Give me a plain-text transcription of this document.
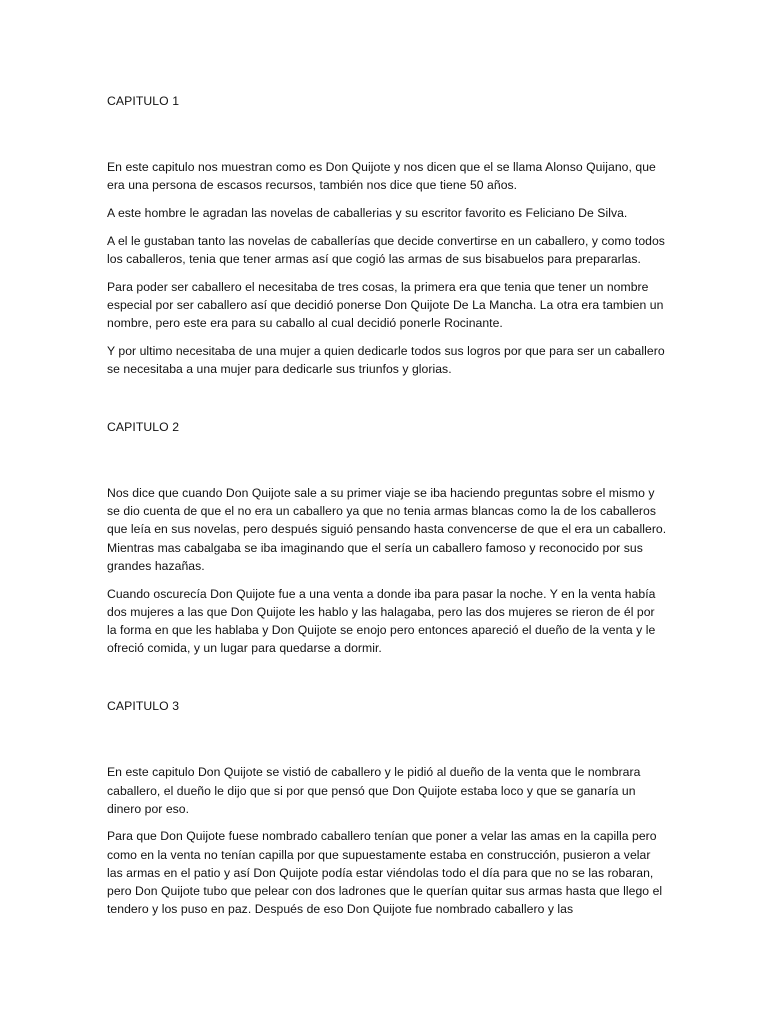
CAPITULO 1

En este capitulo nos muestran como es Don Quijote y nos dicen que el se llama Alonso Quijano, que era una persona de escasos recursos, también nos dice que tiene 50 años.

A este hombre le agradan las novelas de caballerias y su escritor favorito es Feliciano De Silva.

A el le gustaban tanto las novelas de caballerías que decide convertirse en un caballero, y como todos los caballeros, tenia que tener armas así que cogió las armas de sus bisabuelos para prepararlas.

Para poder ser caballero el necesitaba de tres cosas, la primera era que tenia que tener un nombre especial por ser caballero así que decidió ponerse Don Quijote De La Mancha. La otra era tambien un nombre, pero este era para su caballo al cual decidió ponerle Rocinante.

Y por ultimo necesitaba de una mujer a quien dedicarle todos sus logros por que para ser un caballero se necesitaba a una mujer para dedicarle sus triunfos y glorias.

CAPITULO 2

Nos dice que cuando Don Quijote sale a su primer viaje se iba haciendo preguntas sobre el mismo y se dio cuenta de que el no era un caballero ya que no tenia armas blancas como la de los caballeros que leía en sus novelas, pero después siguió pensando hasta convencerse de que el era un caballero. Mientras mas cabalgaba se iba imaginando que el sería un caballero famoso y reconocido por sus grandes hazañas.

Cuando oscurecía Don Quijote fue a una venta a donde iba para pasar la noche. Y en la venta había dos mujeres a las que Don Quijote les hablo y las halagaba, pero las dos mujeres se rieron de él por la forma en que les hablaba y Don Quijote se enojo pero entonces apareció el dueño de la venta y le ofreció comida, y un lugar para quedarse a dormir.

CAPITULO 3

En este capitulo Don Quijote se vistió de caballero y le pidió al dueño de la venta que le nombrara caballero, el dueño le dijo que si por que pensó que Don Quijote estaba loco y que se ganaría un dinero por eso.

Para que Don Quijote fuese nombrado caballero tenían que poner a velar las amas en la capilla pero como en la venta no tenían capilla por que supuestamente estaba en construcción, pusieron a velar las armas en el patio y así Don Quijote podía estar viéndolas todo el día para que no se las robaran, pero Don Quijote tubo que pelear con dos ladrones que le querían quitar sus armas hasta que llego el tendero y los puso en paz. Después de eso Don Quijote fue nombrado caballero y las
